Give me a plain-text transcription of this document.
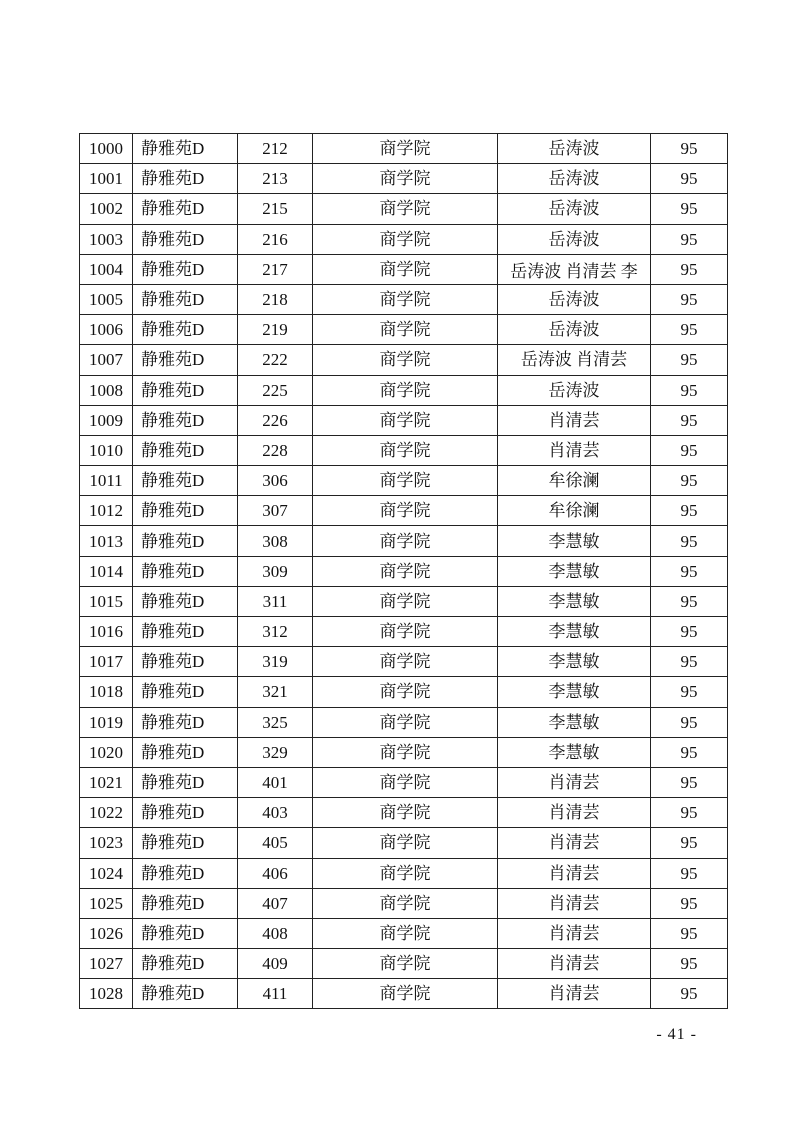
1000	静雅苑D	212	商学院	岳涛波	95
1001	静雅苑D	213	商学院	岳涛波	95
1002	静雅苑D	215	商学院	岳涛波	95
1003	静雅苑D	216	商学院	岳涛波	95
1004	静雅苑D	217	商学院	岳涛波 肖清芸 李	95
1005	静雅苑D	218	商学院	岳涛波	95
1006	静雅苑D	219	商学院	岳涛波	95
1007	静雅苑D	222	商学院	岳涛波 肖清芸	95
1008	静雅苑D	225	商学院	岳涛波	95
1009	静雅苑D	226	商学院	肖清芸	95
1010	静雅苑D	228	商学院	肖清芸	95
1011	静雅苑D	306	商学院	牟徐澜	95
1012	静雅苑D	307	商学院	牟徐澜	95
1013	静雅苑D	308	商学院	李慧敏	95
1014	静雅苑D	309	商学院	李慧敏	95
1015	静雅苑D	311	商学院	李慧敏	95
1016	静雅苑D	312	商学院	李慧敏	95
1017	静雅苑D	319	商学院	李慧敏	95
1018	静雅苑D	321	商学院	李慧敏	95
1019	静雅苑D	325	商学院	李慧敏	95
1020	静雅苑D	329	商学院	李慧敏	95
1021	静雅苑D	401	商学院	肖清芸	95
1022	静雅苑D	403	商学院	肖清芸	95
1023	静雅苑D	405	商学院	肖清芸	95
1024	静雅苑D	406	商学院	肖清芸	95
1025	静雅苑D	407	商学院	肖清芸	95
1026	静雅苑D	408	商学院	肖清芸	95
1027	静雅苑D	409	商学院	肖清芸	95
1028	静雅苑D	411	商学院	肖清芸	95
- 41 -
